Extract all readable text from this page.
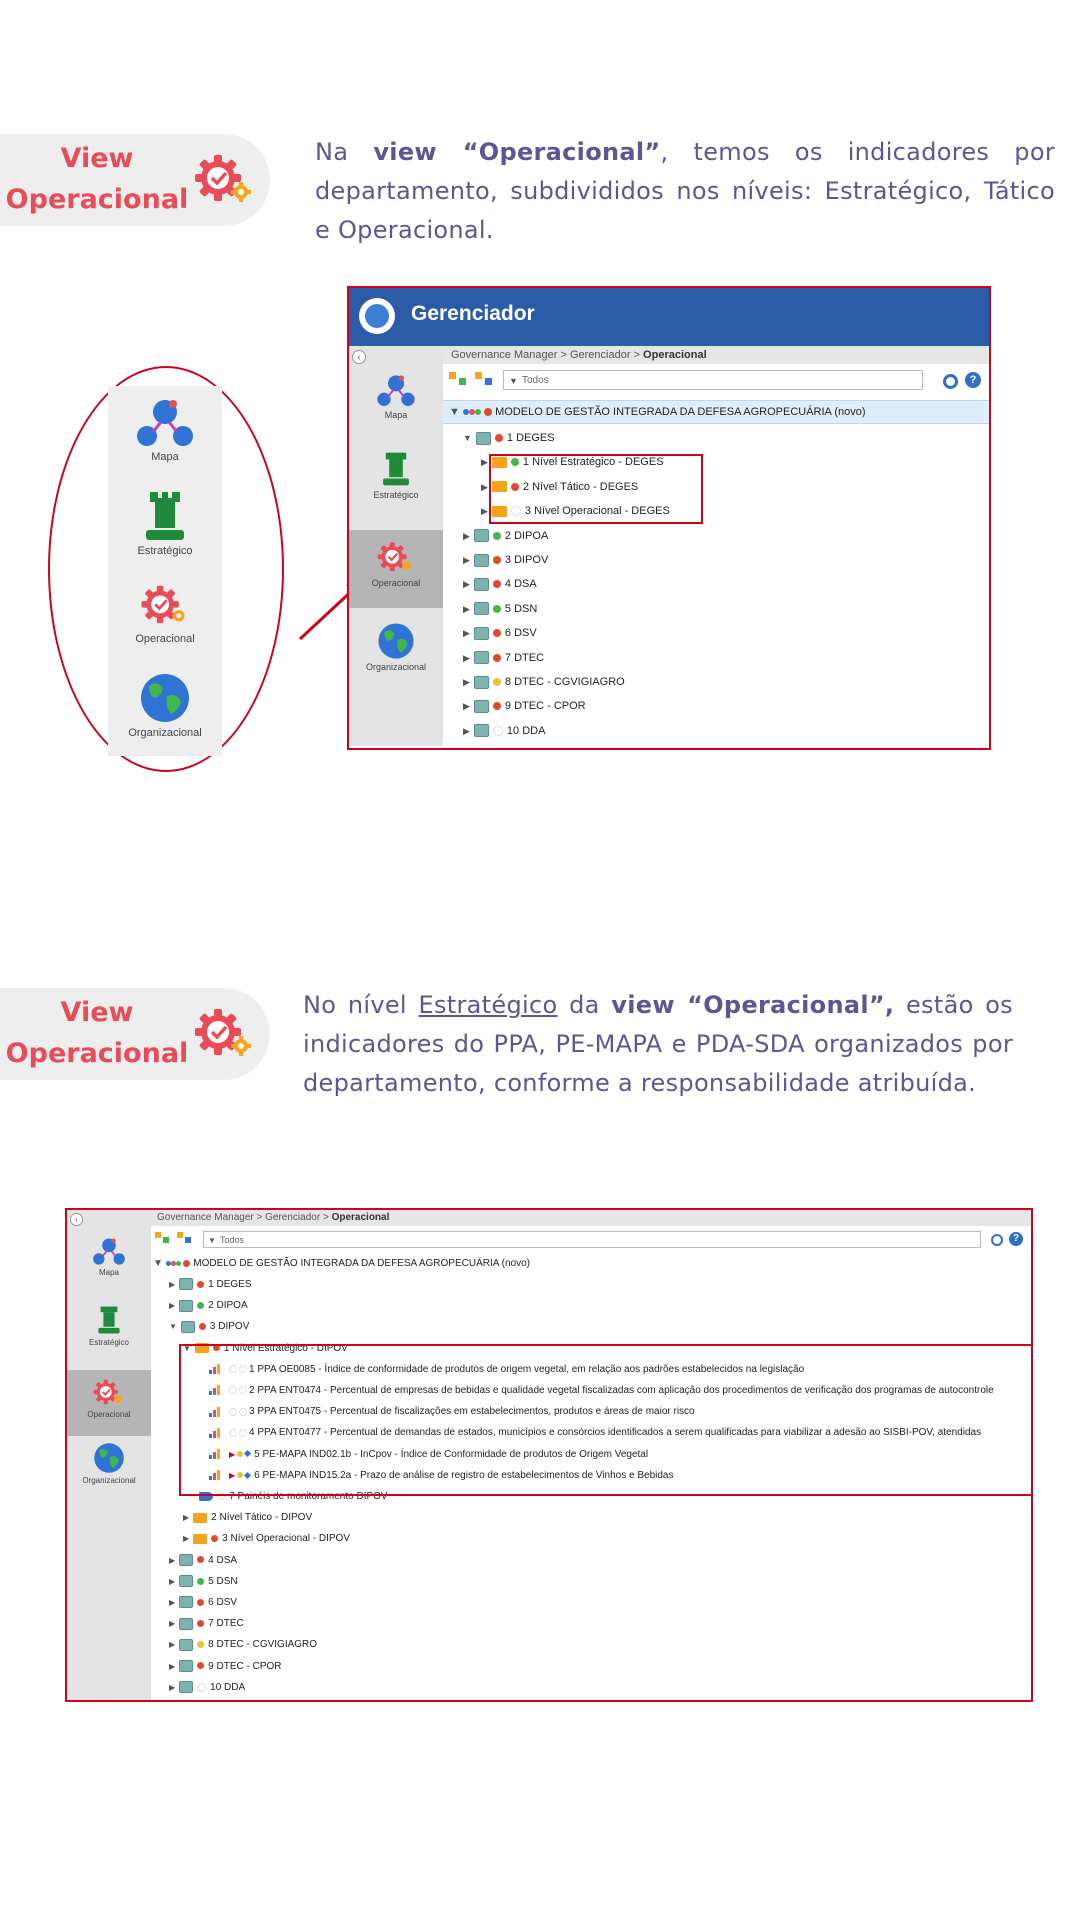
View
Operacional
Na view “Operacional”, temos os indicadores por departamento, subdivididos nos níveis: Estratégico, Tático e Operacional.
Mapa
Estratégico
Operacional
Organizacional
Gerenciador
‹
Mapa
Estratégico
Operacional
Organizacional
Governance Manager > Gerenciador > Operacional
▼ Todos	?
▼	MODELO DE GESTÃO INTEGRADA DA DEFESA AGROPECUÁRIA (novo)
▼	1 DEGES
▶	1 Nível Estratégico - DEGES
▶	2 Nível Tático - DEGES
▶	3 Nível Operacional - DEGES
▶	2 DIPOA
▶	3 DIPOV
▶	4 DSA
▶	5 DSN
▶	6 DSV
▶	7 DTEC
▶	8 DTEC - CGVIGIAGRO
▶	9 DTEC - CPOR
▶	10 DDA
View
Operacional
No nível Estratégico da view “Operacional”, estão os indicadores do PPA, PE-MAPA e PDA-SDA organizados por departamento, conforme a responsabilidade atribuída.
‹
Mapa
Estratégico
Operacional
Organizacional
Governance Manager > Gerenciador > Operacional
▼ Todos	?
▼	MODELO DE GESTÃO INTEGRADA DA DEFESA AGROPECUÁRIA (novo)
▶	1 DEGES
▶	2 DIPOA
▼	3 DIPOV
▼	1 Nível Estratégico - DIPOV
1 PPA OE0085 - Índice de conformidade de produtos de origem vegetal, em relação aos padrões estabelecidos na legislação
2 PPA ENT0474 - Percentual de empresas de bebidas e qualidade vegetal fiscalizadas com aplicação dos procedimentos de verificação dos programas de autocontrole
3 PPA ENT0475 - Percentual de fiscalizações em estabelecimentos, produtos e áreas de maior risco
4 PPA ENT0477 - Percentual de demandas de estados, municípios e consórcios identificados a serem qualificadas para viabilizar a adesão ao SISBI-POV, atendidas
▶ 5 PE-MAPA IND02.1b - InCpov - Índice de Conformidade de produtos de Origem Vegetal
▶ 6 PE-MAPA IND15.2a - Prazo de análise de registro de estabelecimentos de Vinhos e Bebidas
7 Painéis de monitoramento DIPOV
▶ 2 Nível Tático - DIPOV
▶	3 Nível Operacional - DIPOV
▶	4 DSA
▶	5 DSN
▶	6 DSV
▶	7 DTEC
▶	8 DTEC - CGVIGIAGRO
▶	9 DTEC - CPOR
▶	10 DDA
